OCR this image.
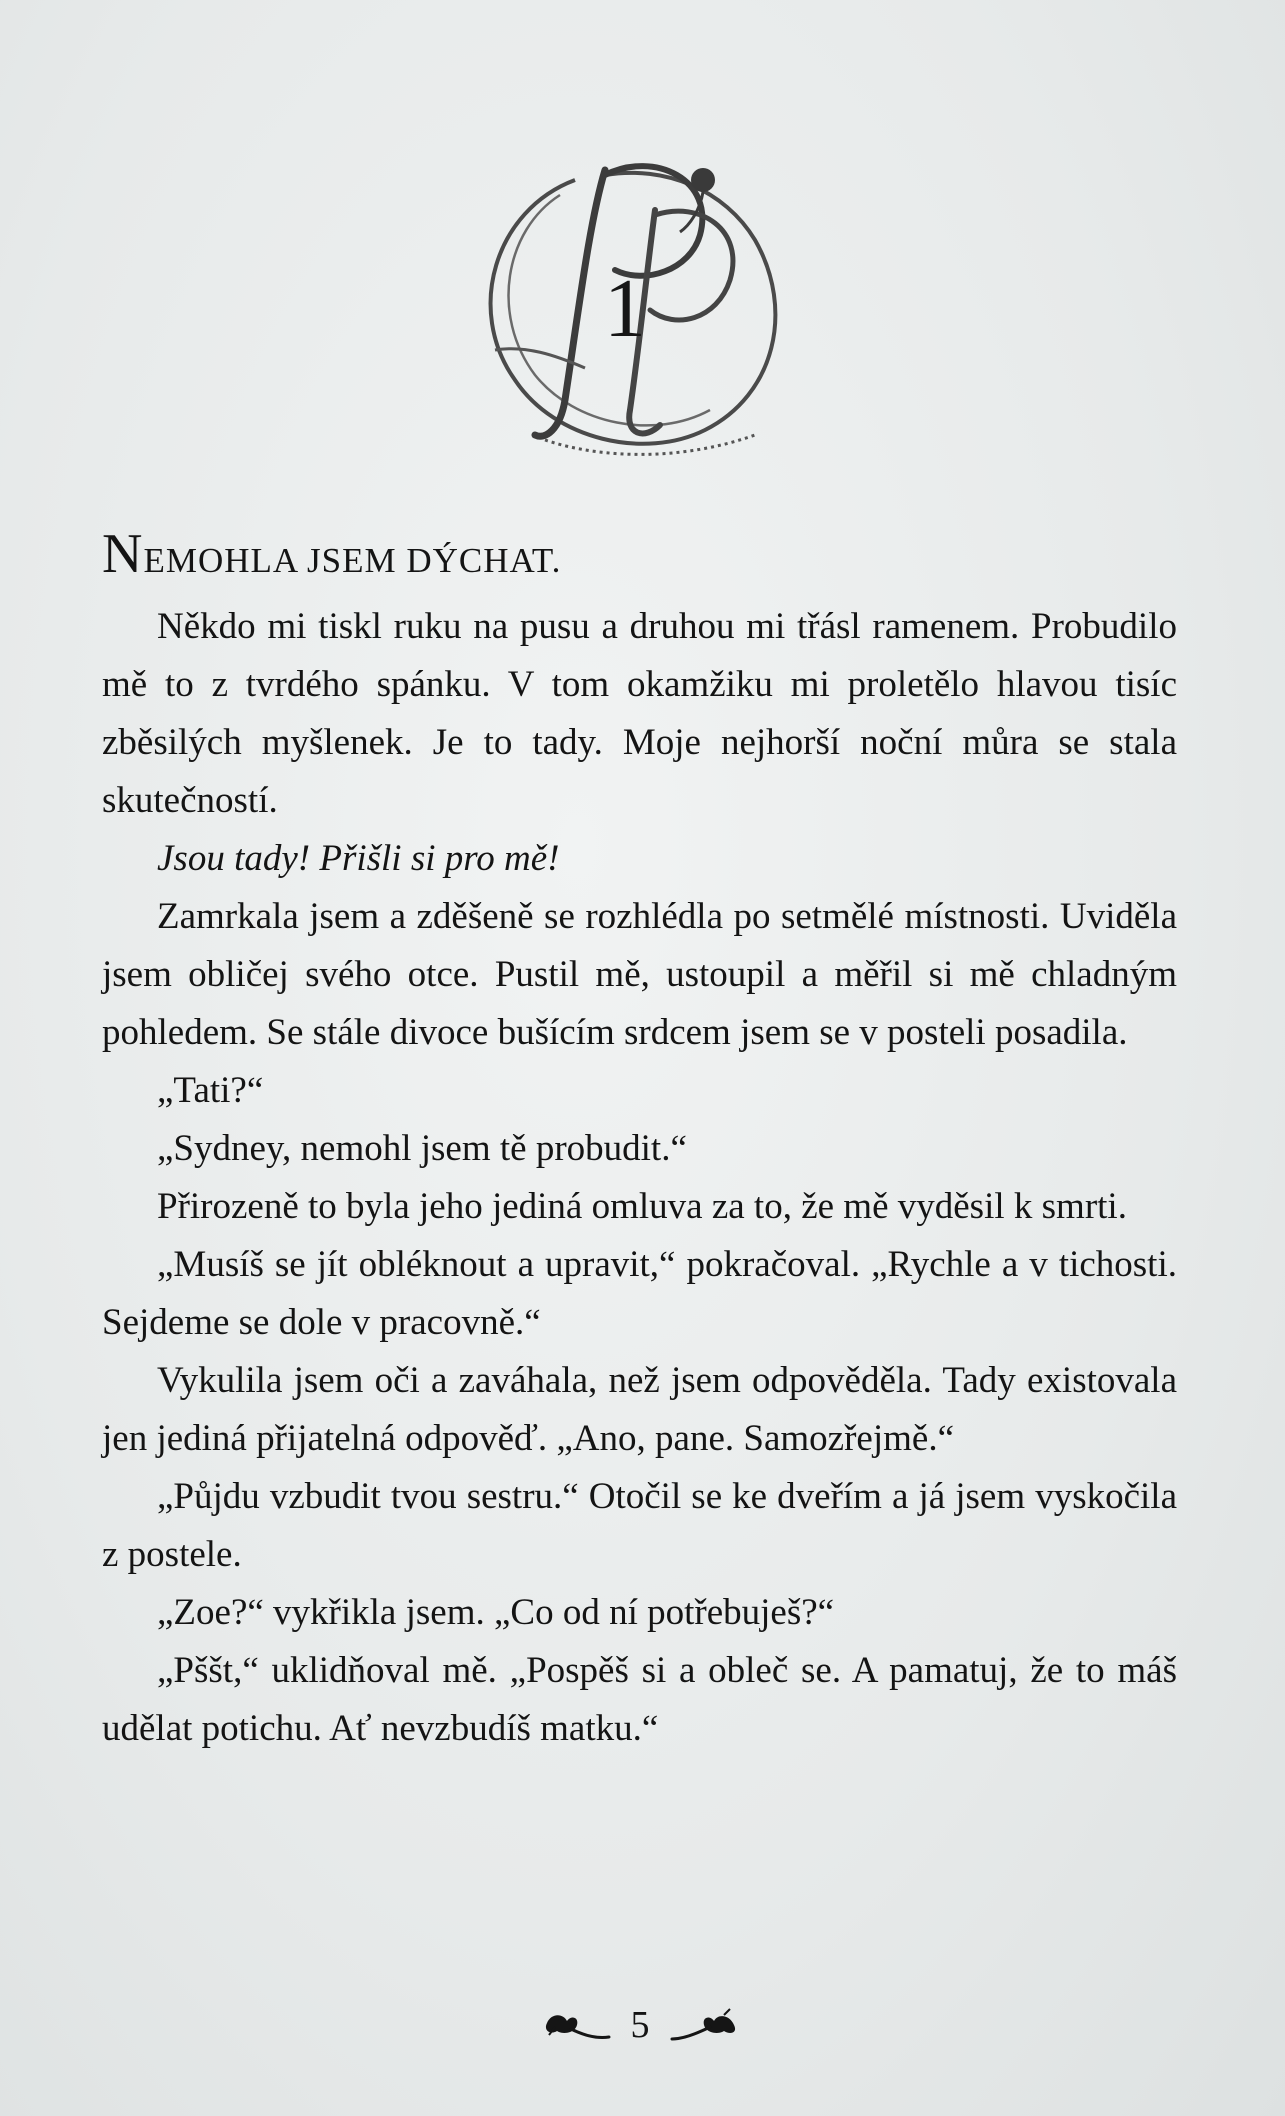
1
NEMOHLA JSEM DÝCHAT.

Někdo mi tiskl ruku na pusu a druhou mi třásl ramenem. Probudilo mě to z tvrdého spánku. V tom okamžiku mi prolеtělo hlavou tisíc zběsilých myšlenek. Je to tady. Moje nejhorší noční můra se stala skutečností.

Jsou tady! Přišli si pro mě!

Zamrkala jsem a zděšeně se rozhlédla po setmělé místnosti. Uviděla jsem obličej svého otce. Pustil mě, ustoupil a měřil si mě chladným pohledem. Se stále divoce bušícím srdcem jsem se v posteli posadila.

„Tati?“

„Sydney, nemohl jsem tě probudit.“

Přirozeně to byla jeho jediná omluva za to, že mě vyděsil k smrti.

„Musíš se jít obléknout a upravit,“ pokračoval. „Rychle a v tichosti. Sejdeme se dole v pracovně.“

Vykulila jsem oči a zaváhala, než jsem odpověděla. Tady existovala jen jediná přijatelná odpověď. „Ano, pane. Samozřejmě.“

„Půjdu vzbudit tvou sestru.“ Otočil se ke dveřím a já jsem vyskočila z postele.

„Zoe?“ vykřikla jsem. „Co od ní potřebuješ?“

„Pššt,“ uklidňoval mě. „Pospěš si a obleč se. A pamatuj, že to máš udělat potichu. Ať nevzbudíš matku.“

5
